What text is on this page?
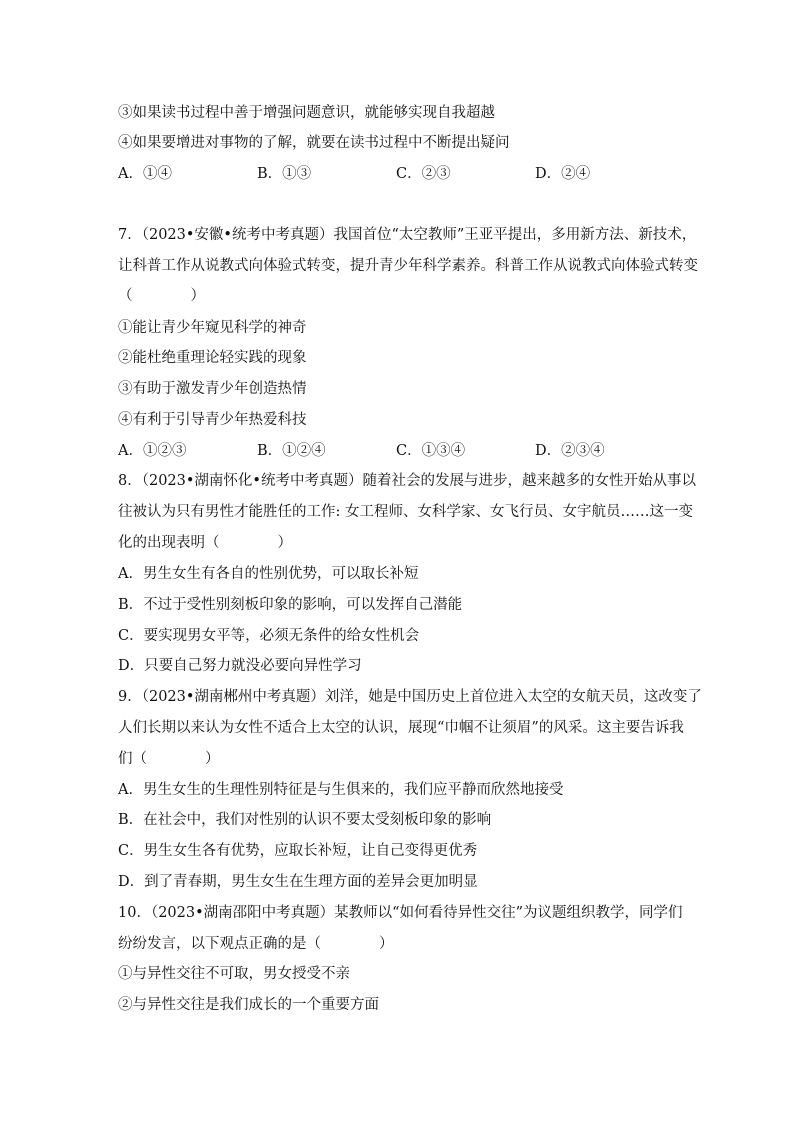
③如果读书过程中善于增强问题意识，就能够实现自我超越
④如果要增进对事物的了解，就要在读书过程中不断提出疑问
A．①④	B．①③	C．②③	D．②④
7．（2023•安徽•统考中考真题）我国首位“太空教师”王亚平提出，多用新方法、新技术，
让科普工作从说教式向体验式转变，提升青少年科学素养。科普工作从说教式向体验式转变
（　　　　）
①能让青少年窥见科学的神奇
②能杜绝重理论轻实践的现象
③有助于激发青少年创造热情
④有利于引导青少年热爱科技
A．①②③	B．①②④	C．①③④	D．②③④
8．（2023•湖南怀化•统考中考真题）随着社会的发展与进步，越来越多的女性开始从事以
往被认为只有男性才能胜任的工作: 女工程师、女科学家、女飞行员、女宇航员……这一变
化的出现表明（　　　　）
A．男生女生有各自的性别优势，可以取长补短
B．不过于受性别刻板印象的影响，可以发挥自己潜能
C．要实现男女平等，必须无条件的给女性机会
D．只要自己努力就没必要向异性学习
9．（2023•湖南郴州中考真题）刘洋，她是中国历史上首位进入太空的女航天员，这改变了
人们长期以来认为女性不适合上太空的认识，展现“巾帼不让须眉”的风采。这主要告诉我
们（　　　　）
A．男生女生的生理性别特征是与生俱来的，我们应平静而欣然地接受
B．在社会中，我们对性别的认识不要太受刻板印象的影响
C．男生女生各有优势，应取长补短，让自己变得更优秀
D．到了青春期，男生女生在生理方面的差异会更加明显
10．（2023•湖南邵阳中考真题）某教师以“如何看待异性交往”为议题组织教学，同学们
纷纷发言，以下观点正确的是（　　　　）
①与异性交往不可取，男女授受不亲
②与异性交往是我们成长的一个重要方面
